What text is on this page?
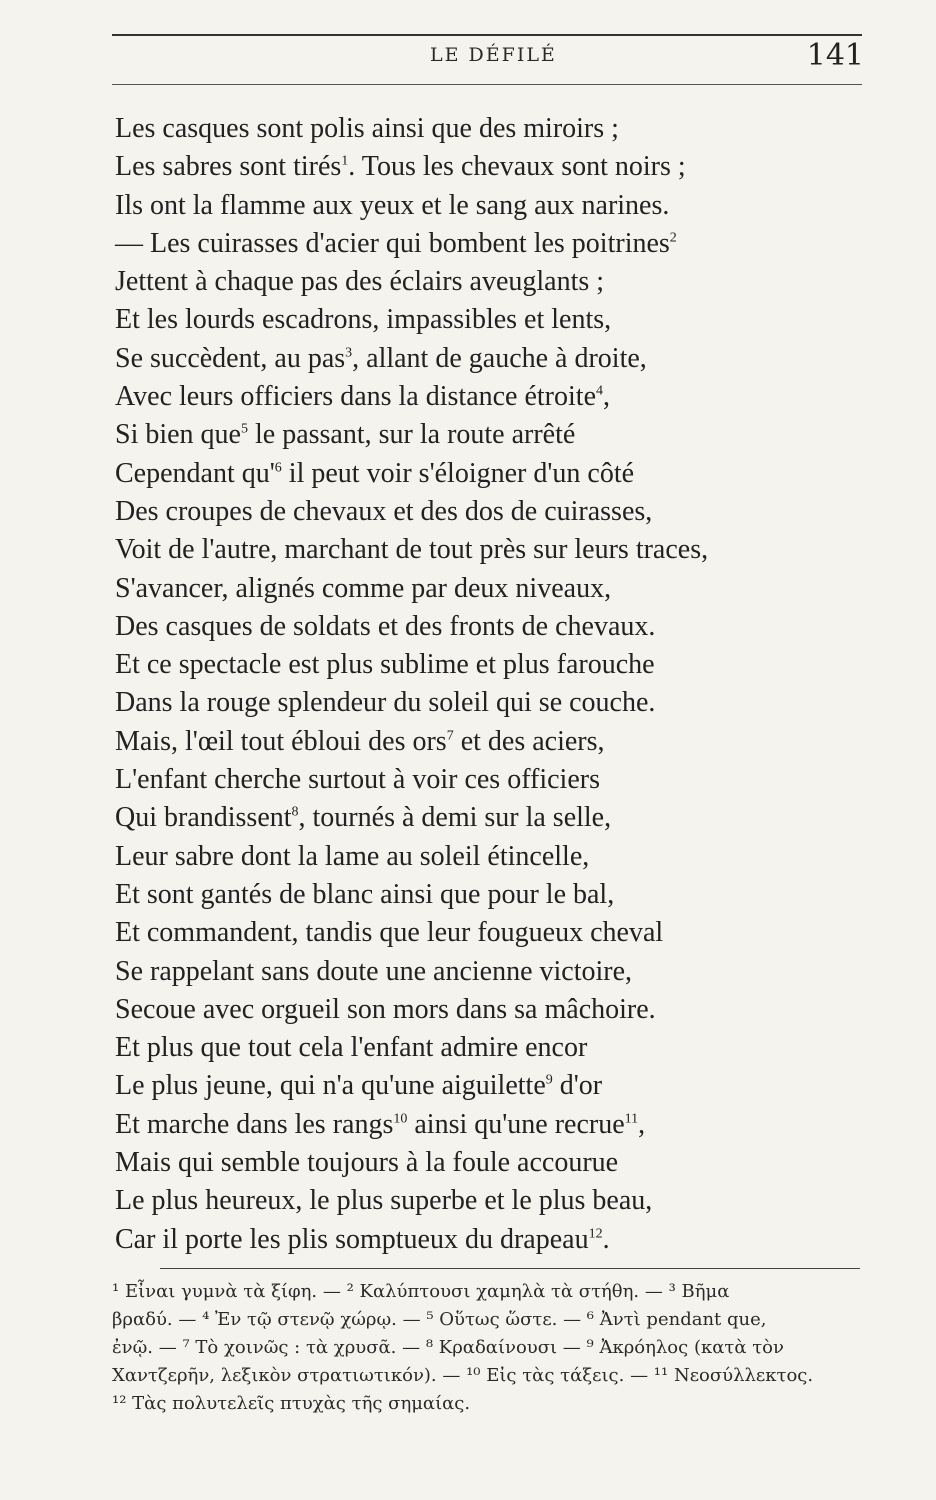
LE DÉFILÉ	141
Les casques sont polis ainsi que des miroirs ;
Les sabres sont tirés$^1$. Tous les chevaux sont noirs ;
Ils ont la flamme aux yeux et le sang aux narines.
— Les cuirasses d'acier qui bombent les poitrines$^2$
Jettent à chaque pas des éclairs aveuglants ;
Et les lourds escadrons, impassibles et lents,
Se succèdent, au pas$^3$, allant de gauche à droite,
Avec leurs officiers dans la distance étroite$^4$,
Si bien que$^5$ le passant, sur la route arrêté
Cependant $qu'^6$ il peut voir s'éloigner d'un côté
Des croupes de chevaux et des dos de cuirasses,
Voit de l'autre, marchant de tout près sur leurs traces,
S'avancer, alignés comme par deux niveaux,
Des casques de soldats et des fronts de chevaux.
Et ce spectacle est plus sublime et plus farouche
Dans la rouge splendeur du soleil qui se couche.
Mais, l'œil tout ébloui des ors$^7$ et des aciers,
L'enfant cherche surtout à voir ces officiers
Qui brandissent$^8$, tournés à demi sur la selle,
Leur sabre dont la lame au soleil étincelle,
Et sont gantés de blanc ainsi que pour le bal,
Et commandent, tandis que leur fougueux cheval
Se rappelant sans doute une ancienne victoire,
Secoue avec orgueil son mors dans sa mâchoire.
Et plus que tout cela l'enfant admire encor
Le plus jeune, qui n'a qu'une aiguilette$^9$ d'or
Et marche dans les rangs$^{10}$ ainsi qu'une recrue$^{11}$,
Mais qui semble toujours à la foule accourue
Le plus heureux, le plus superbe et le plus beau,
Car il porte les plis somptueux du drapeau$^{12}$.
¹ Εἶναι γυμνὰ τὰ ξίφη. — ² Καλύπτουσι χαμηλὰ τὰ στήθη. — ³ Βῆμα
βραδύ. — ⁴ Ἐν τῷ στενῷ χώρῳ. — ⁵ Οὕτως ὥστε. — ⁶ Ἀντὶ pendant que,
ἐνῷ. — ⁷ Τὸ χοινῶς : τὰ χρυσᾶ. — ⁸ Κραδαίνουσι — ⁹ Ἀκρόηλος (κατὰ τὸν
Χαντζερῆν, λεξικὸν στρατιωτικόν). — ¹⁰ Εἰς τὰς τάξεις. — ¹¹ Νεοσύλλεκτος.
¹² Τὰς πολυτελεῖς πτυχὰς τῆς σημαίας.
